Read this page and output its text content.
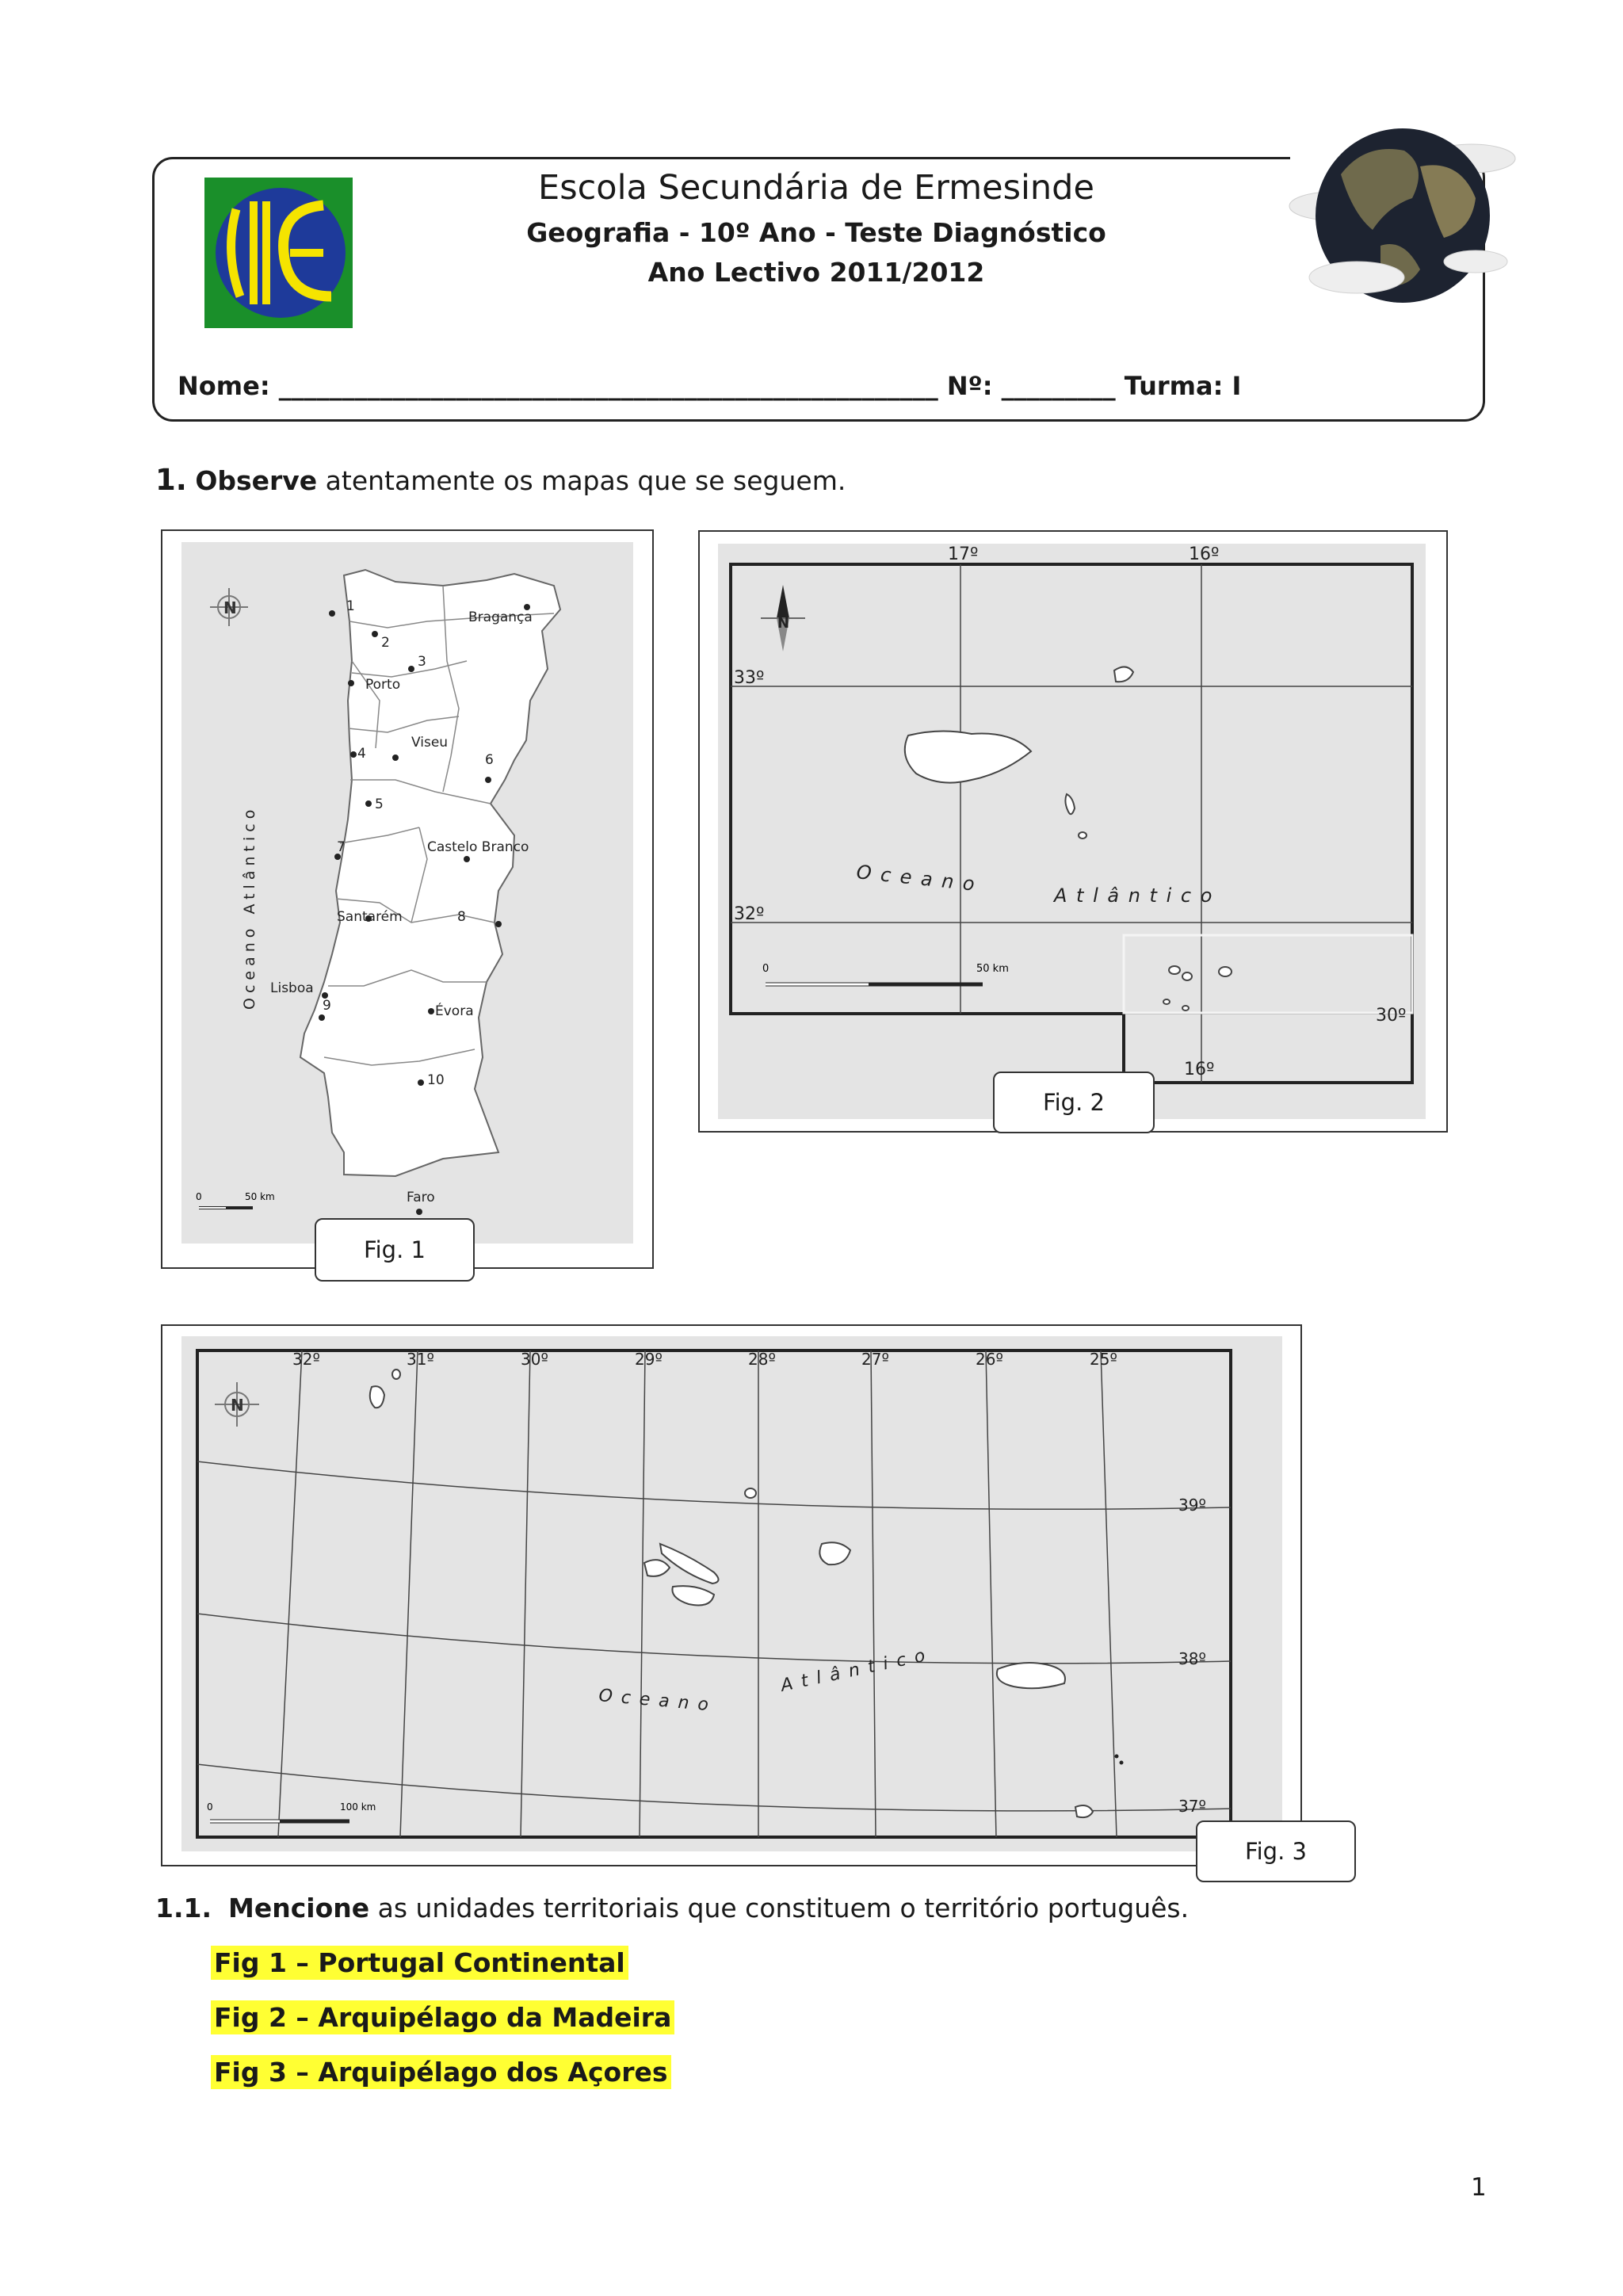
Escola Secundária de Ermesinde
Geografia - 10º Ano - Teste Diagnóstico
Ano Lectivo 2011/2012
Nome: ____________________________________________________ Nº: _________ Turma: I
1. Observe atentamente os mapas que se seguem.
N	Bragança
Porto
Viseu
Castelo Branco
Santarém
Lisboa
Évora
Faro
1
2
3
4
5
6
7
8
9
10
Oceano Atlântico
0	50 km
Fig. 1
N
17º	16º
33º
32º
30º
16º
O c e a n o
A t l â n t i c o
0	50 km
Fig. 2
N
32º	31º	30º	29º	28º	27º	26º	25º
39º
38º
37º
O c e a n o
A t l â n t i c o
0	100 km
Fig. 3
1.1. Mencione as unidades territoriais que constituem o território português.
Fig 1 – Portugal Continental
Fig 2 – Arquipélago da Madeira
Fig 3 – Arquipélago dos Açores
1
